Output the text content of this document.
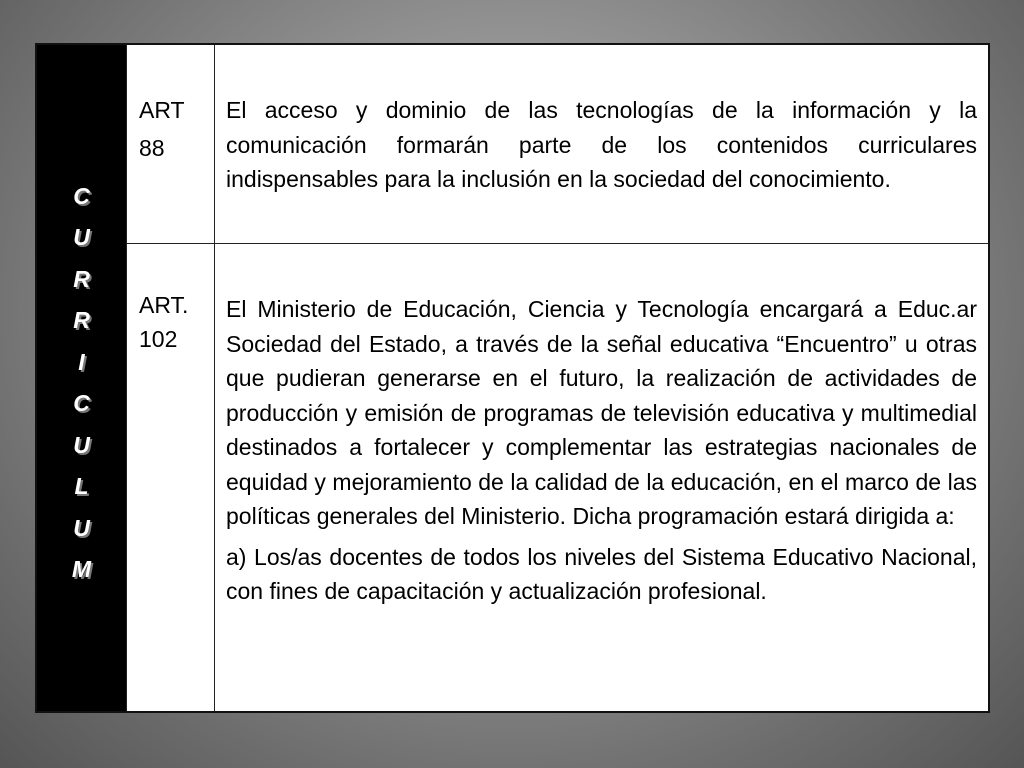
C
U
R
R
I
C
U
L
U
M
ART
88

El acceso y dominio de las tecnologías de la información y la comunicación formarán parte de los contenidos curriculares indispensables para la inclusión en la sociedad del conocimiento.

ART.
102

El Ministerio de Educación, Ciencia y Tecnología encargará a Educ.ar Sociedad del Estado, a través de la señal educativa “Encuentro” u otras que pudieran generarse en el futuro, la realización de actividades de producción y emisión de programas de televisión educativa y multimedial destinados a fortalecer y complementar las estrategias nacionales de equidad y mejoramiento de la calidad de la educación, en el marco de las políticas generales del Ministerio. Dicha programación estará dirigida a:

a) Los/as docentes de todos los niveles del Sistema Educativo Nacional, con fines de capacitación y actualización profesional.
